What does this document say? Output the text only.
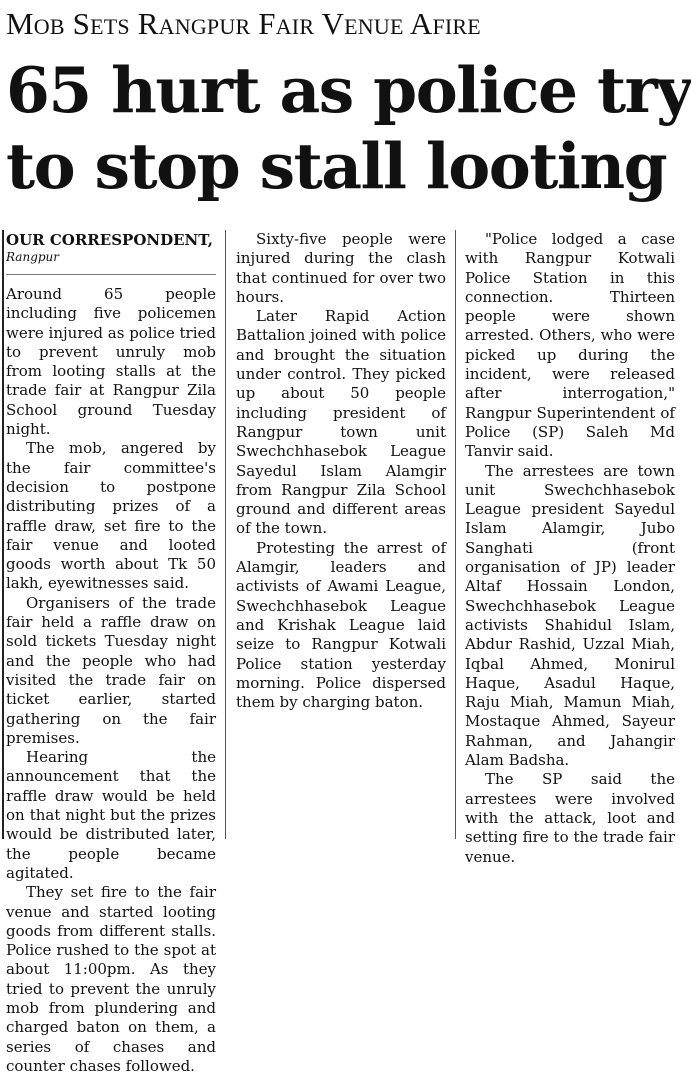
Mob Sets Rangpur Fair Venue Afire
65 hurt as police try
to stop stall looting
OUR CORRESPONDENT,
Rangpur

Around 65 people including five policemen were injured as police tried to prevent unruly mob from looting stalls at the trade fair at Rangpur Zila School ground Tuesday night.

The mob, angered by the fair committee's decision to postpone distributing prizes of a raffle draw, set fire to the fair venue and looted goods worth about Tk 50 lakh, eyewitnesses said.

Organisers of the trade fair held a raffle draw on sold tickets Tuesday night and the people who had visited the trade fair on ticket earlier, started gathering on the fair premises.

Hearing the announcement that the raffle draw would be held on that night but the prizes would be distributed later, the people became agitated.

They set fire to the fair venue and started looting goods from different stalls. Police rushed to the spot at about 11:00pm. As they tried to prevent the unruly mob from plundering and charged baton on them, a series of chases and counter chases followed.

Sixty-five people were injured during the clash that continued for over two hours.

Later Rapid Action Battalion joined with police and brought the situation under control. They picked up about 50 people including president of Rangpur town unit Swechchhasebok League Sayedul Islam Alamgir from Rangpur Zila School ground and different areas of the town.

Protesting the arrest of Alamgir, leaders and activists of Awami League, Swechchhasebok League and Krishak League laid seize to Rangpur Kotwali Police station yesterday morning. Police dispersed them by charging baton.

"Police lodged a case with Rangpur Kotwali Police Station in this connection. Thirteen people were shown arrested. Others, who were picked up during the incident, were released after interrogation," Rangpur Superintendent of Police (SP) Saleh Md Tanvir said.

The arrestees are town unit Swechchhasebok League president Sayedul Islam Alamgir, Jubo Sanghati (front organisation of JP) leader Altaf Hossain London, Swechchhasebok League activists Shahidul Islam, Abdur Rashid, Uzzal Miah, Iqbal Ahmed, Monirul Haque, Asadul Haque, Raju Miah, Mamun Miah, Mostaque Ahmed, Sayeur Rahman, and Jahangir Alam Badsha.

The SP said the arrestees were involved with the attack, loot and setting fire to the trade fair venue.
